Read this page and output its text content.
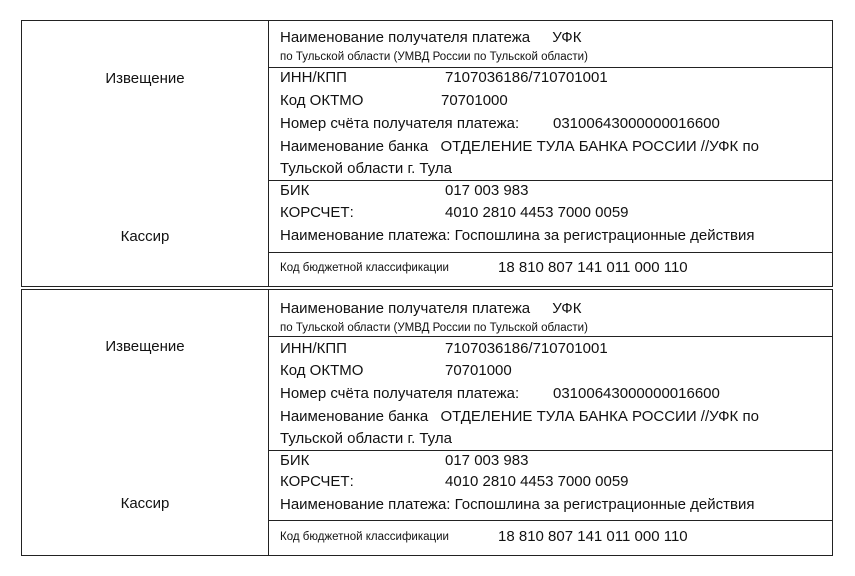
Извещение
Кассир
Наименование получателя платежа УФК
по Тульской области (УМВД России по Тульской области)
ИНН/КПП	7107036186/710701001
Код ОКТМО	70701000
Номер счёта получателя платежа: 03100643000000016600
Наименование банка ОТДЕЛЕНИЕ ТУЛА БАНКА РОССИИ //УФК по
Тульской области г. Тула
БИК	017 003 983
КОРСЧЕТ:	4010 2810 4453 7000 0059
Наименование платежа: Госпошлина за регистрационные действия
Код бюджетной классификации	18 810 807 141 011 000 110
Извещение
Кассир
Наименование получателя платежа УФК
по Тульской области (УМВД России по Тульской области)
ИНН/КПП	7107036186/710701001
Код ОКТМО	70701000
Номер счёта получателя платежа: 03100643000000016600
Наименование банка ОТДЕЛЕНИЕ ТУЛА БАНКА РОССИИ //УФК по
Тульской области г. Тула
БИК	017 003 983
КОРСЧЕТ:	4010 2810 4453 7000 0059
Наименование платежа: Госпошлина за регистрационные действия
Код бюджетной классификации	18 810 807 141 011 000 110
